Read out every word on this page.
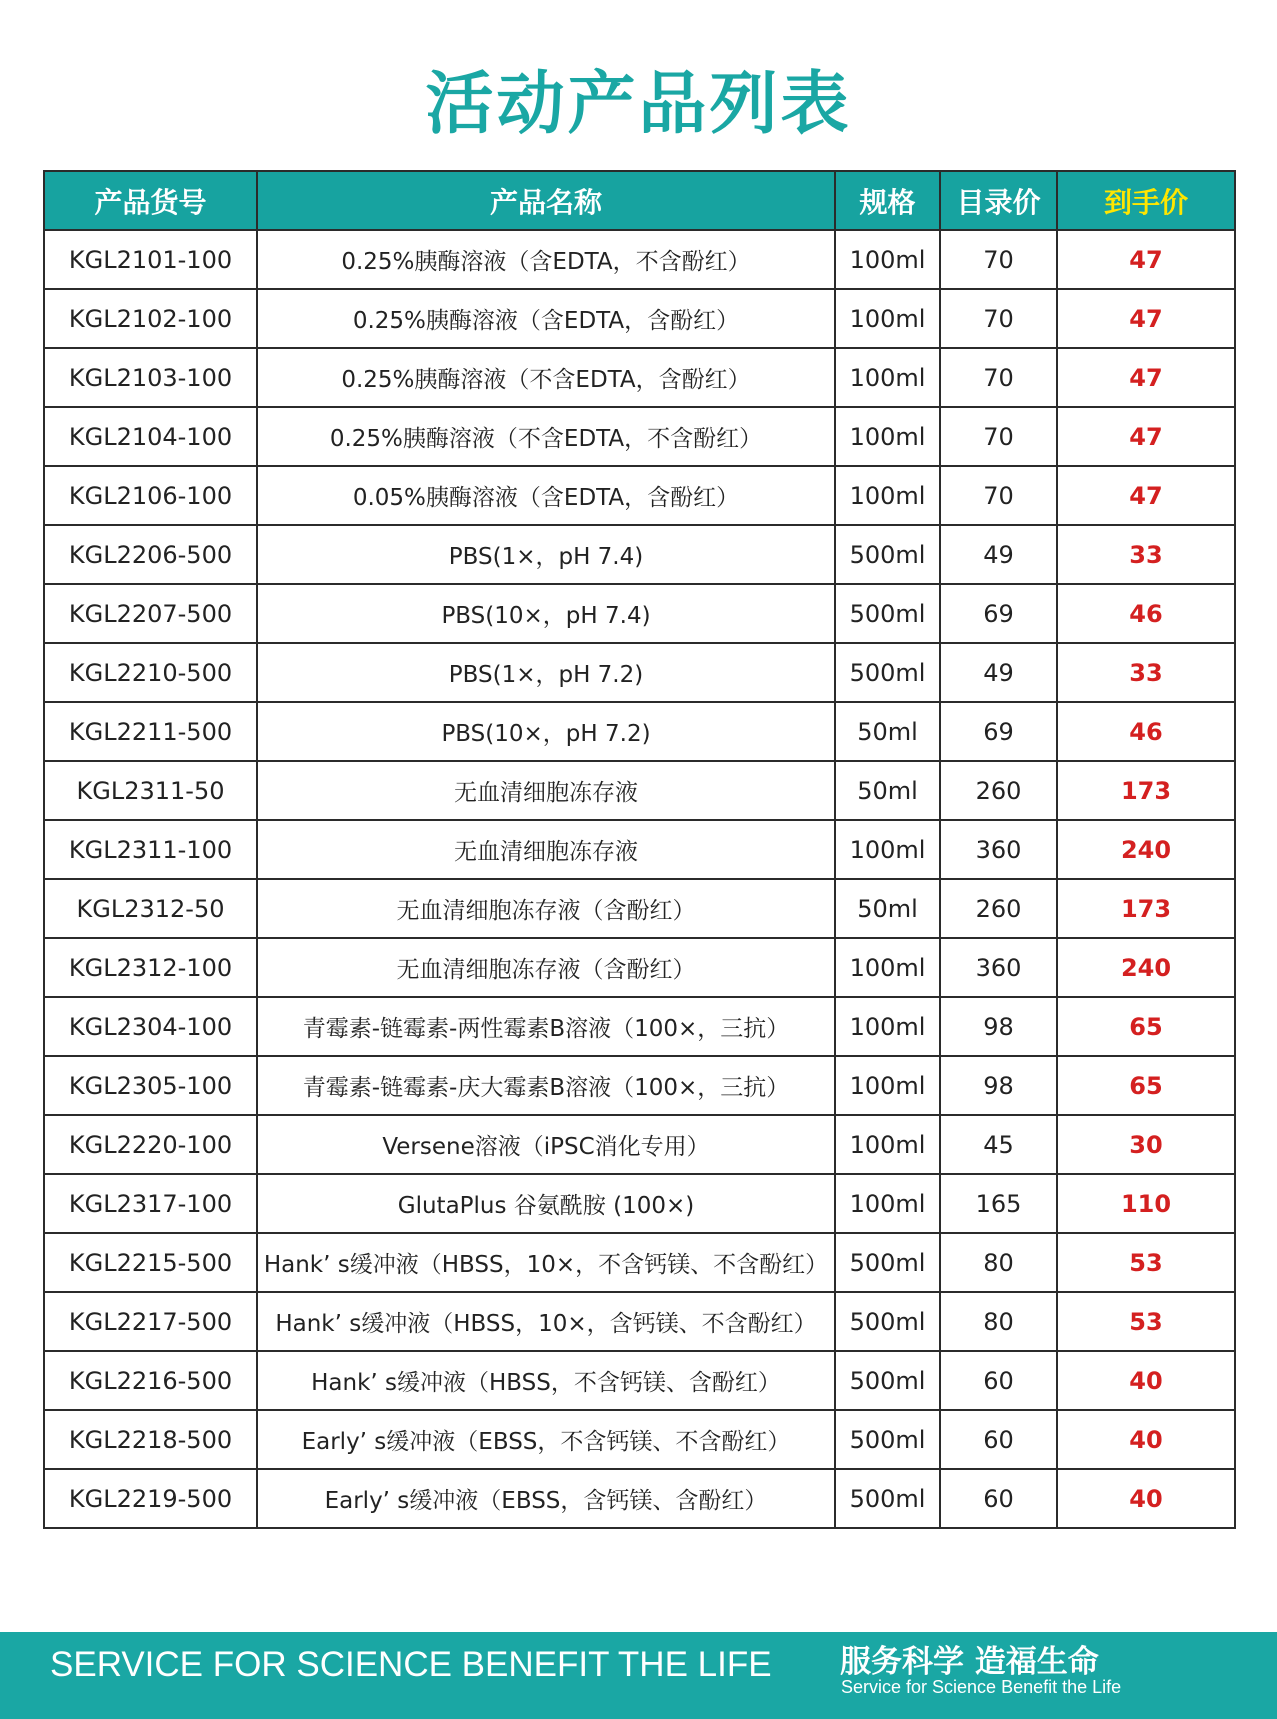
活动产品列表
产品货号	产品名称	规格	目录价	到手价
KGL2101-100	0.25%胰酶溶液（含EDTA，不含酚红）	100ml	70	47
KGL2102-100	0.25%胰酶溶液（含EDTA，含酚红）	100ml	70	47
KGL2103-100	0.25%胰酶溶液（不含EDTA，含酚红）	100ml	70	47
KGL2104-100	0.25%胰酶溶液（不含EDTA，不含酚红）	100ml	70	47
KGL2106-100	0.05%胰酶溶液（含EDTA，含酚红）	100ml	70	47
KGL2206-500	PBS(1×，pH 7.4)	500ml	49	33
KGL2207-500	PBS(10×，pH 7.4)	500ml	69	46
KGL2210-500	PBS(1×，pH 7.2)	500ml	49	33
KGL2211-500	PBS(10×，pH 7.2)	50ml	69	46
KGL2311-50	无血清细胞冻存液	50ml	260	173
KGL2311-100	无血清细胞冻存液	100ml	360	240
KGL2312-50	无血清细胞冻存液（含酚红）	50ml	260	173
KGL2312-100	无血清细胞冻存液（含酚红）	100ml	360	240
KGL2304-100	青霉素-链霉素-两性霉素B溶液（100×，三抗）	100ml	98	65
KGL2305-100	青霉素-链霉素-庆大霉素B溶液（100×，三抗）	100ml	98	65
KGL2220-100	Versene溶液（iPSC消化专用）	100ml	45	30
KGL2317-100	GlutaPlus 谷氨酰胺 (100×)	100ml	165	110
KGL2215-500	Hank’ s缓冲液（HBSS，10×，不含钙镁、不含酚红）	500ml	80	53
KGL2217-500	Hank’ s缓冲液（HBSS，10×，含钙镁、不含酚红）	500ml	80	53
KGL2216-500	Hank’ s缓冲液（HBSS，不含钙镁、含酚红）	500ml	60	40
KGL2218-500	Early’ s缓冲液（EBSS，不含钙镁、不含酚红）	500ml	60	40
KGL2219-500	Early’ s缓冲液（EBSS，含钙镁、含酚红）	500ml	60	40
SERVICE FOR SCIENCE BENEFIT THE LIFE 服务科学 造福生命
Service for Science Benefit the Life
